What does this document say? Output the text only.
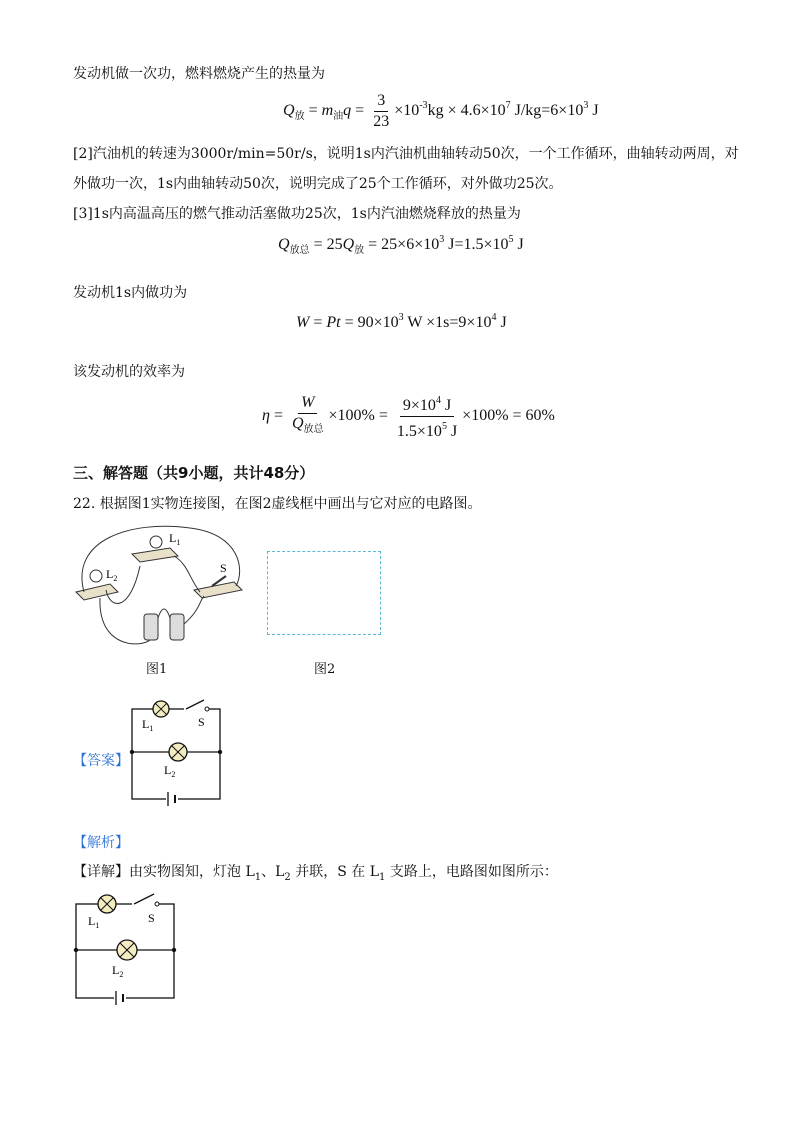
发动机做一次功，燃料燃烧产生的热量为
$Q_放 = m_油q = \frac{3}{23} \times 10^{-3}kg \times 4.6\times 10^7$ $J/kg=6\times 10^3$ J
[2]汽油机的转速为3000r/min=50r/s，说明1s内汽油机曲轴转动50次，一个工作循环，曲轴转动两周，对
外做功一次，1s内曲轴转动50次，说明完成了25个工作循环，对外做功25次。
[3]1s内高温高压的燃气推动活塞做功25次，1s内汽油燃烧释放的热量为
$Q_{放总} = 25Q_放 = 25\times 6\times 10^3$ $J=1.5\times 10^5$ J
发动机1s内做功为
$W = Pt = 90\times 10^3$ $W \times 1s=9\times 10^4$ J
该发动机的效率为
$\eta = \frac{W}{Q_{放总}} \times 100\% = \frac{9\times 10^4 J}{1.5\times 10^5 J} \times 100\% = 60\%$
三、解答题（共9小题，共计48分）
22. 根据图1实物连接图，在图2虚线框中画出与它对应的电路图。
$L_1$
$L_2$
S
图1	图2
【答案】
$L_1$	S
$L_2$
【解析】
【详解】由实物图知，灯泡 $L_1$、$L_2$ 并联，S 在 $L_1$ 支路上，电路图如图所示：
$L_1$
S
$L_2$
